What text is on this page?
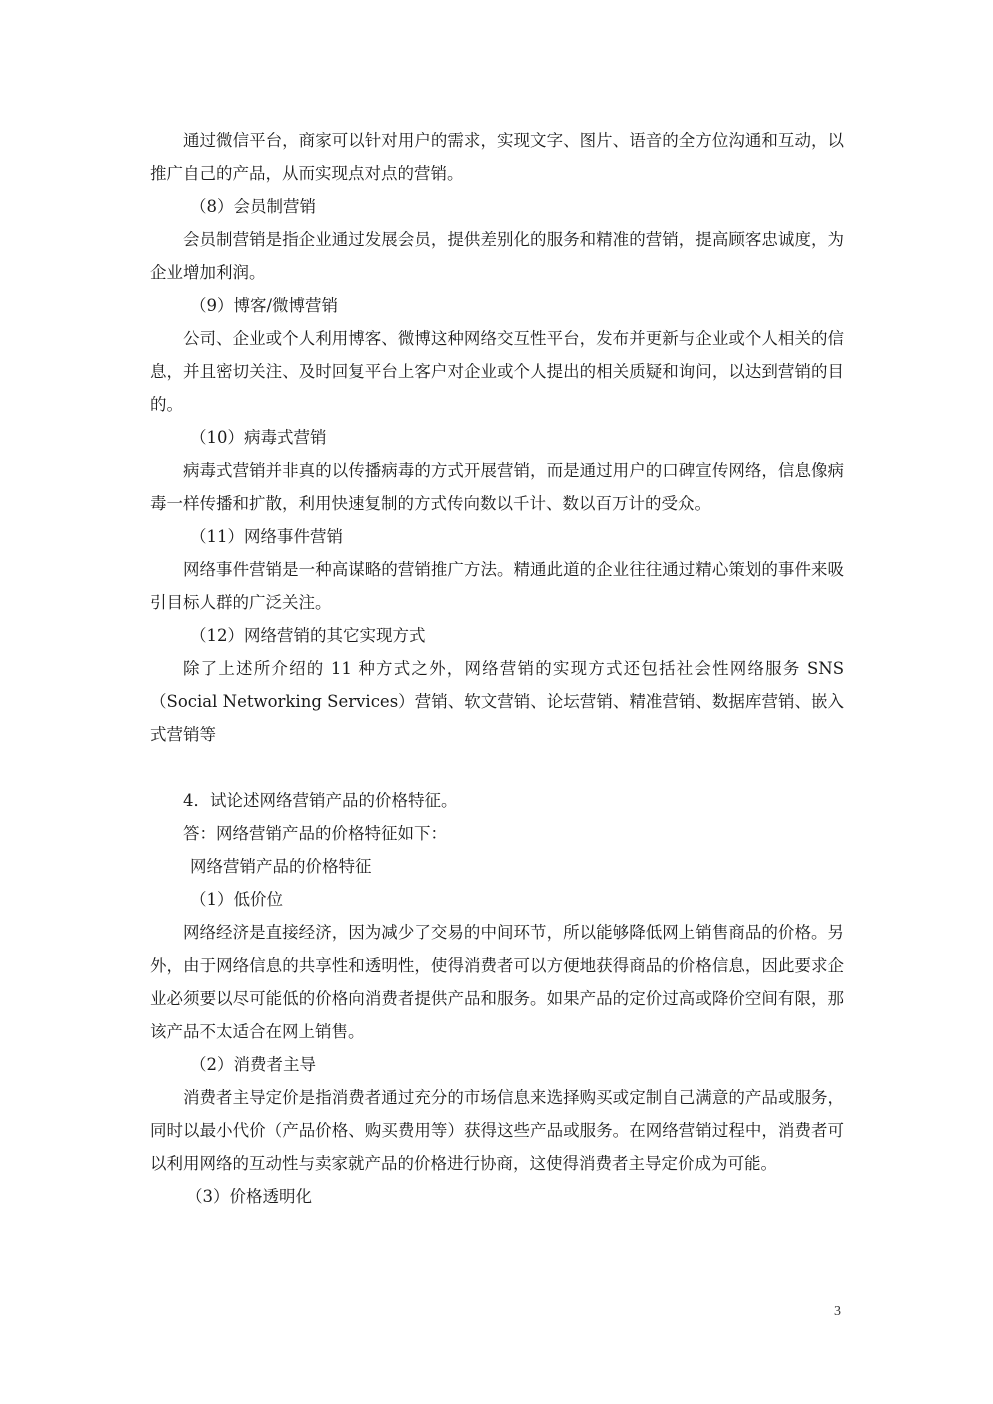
通过微信平台，商家可以针对用户的需求，实现文字、图片、语音的全方位沟通和互动，以推广自己的产品，从而实现点对点的营销。

（8）会员制营销

会员制营销是指企业通过发展会员，提供差别化的服务和精准的营销，提高顾客忠诚度，为企业增加利润。

（9）博客/微博营销

公司、企业或个人利用博客、微博这种网络交互性平台，发布并更新与企业或个人相关的信息，并且密切关注、及时回复平台上客户对企业或个人提出的相关质疑和询问，以达到营销的目的。

（10）病毒式营销

病毒式营销并非真的以传播病毒的方式开展营销，而是通过用户的口碑宣传网络，信息像病毒一样传播和扩散，利用快速复制的方式传向数以千计、数以百万计的受众。

（11）网络事件营销

网络事件营销是一种高谋略的营销推广方法。精通此道的企业往往通过精心策划的事件来吸引目标人群的广泛关注。

（12）网络营销的其它实现方式

除了上述所介绍的 11 种方式之外，网络营销的实现方式还包括社会性网络服务 SNS（Social Networking Services）营销、软文营销、论坛营销、精准营销、数据库营销、嵌入式营销等

4．试论述网络营销产品的价格特征。

答：网络营销产品的价格特征如下：

网络营销产品的价格特征

（1）低价位

网络经济是直接经济，因为减少了交易的中间环节，所以能够降低网上销售商品的价格。另外，由于网络信息的共享性和透明性，使得消费者可以方便地获得商品的价格信息，因此要求企业必须要以尽可能低的价格向消费者提供产品和服务。如果产品的定价过高或降价空间有限，那该产品不太适合在网上销售。

（2）消费者主导

消费者主导定价是指消费者通过充分的市场信息来选择购买或定制自己满意的产品或服务，同时以最小代价（产品价格、购买费用等）获得这些产品或服务。在网络营销过程中，消费者可以利用网络的互动性与卖家就产品的价格进行协商，这使得消费者主导定价成为可能。

（3）价格透明化

3
